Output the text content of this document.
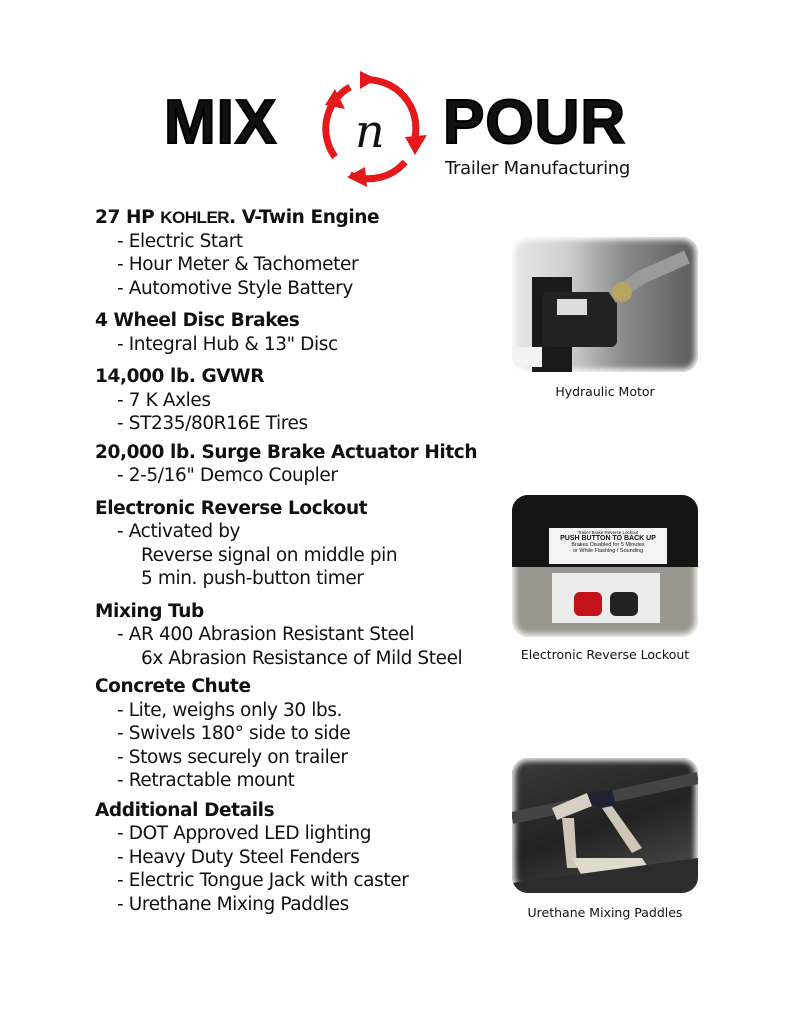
MIX n POUR
Trailer Manufacturing
27 HP KOHLER. V-Twin Engine
- Electric Start
- Hour Meter & Tachometer
- Automotive Style Battery
4 Wheel Disc Brakes
- Integral Hub & 13" Disc
14,000 lb. GVWR
- 7 K Axles
- ST235/80R16E Tires
20,000 lb. Surge Brake Actuator Hitch
- 2-5/16" Demco Coupler
Electronic Reverse Lockout
- Activated by
Reverse signal on middle pin
5 min. push-button timer
Mixing Tub
- AR 400 Abrasion Resistant Steel
6x Abrasion Resistance of Mild Steel
Concrete Chute
- Lite, weighs only 30 lbs.
- Swivels 180° side to side
- Stows securely on trailer
- Retractable mount
Additional Details
- DOT Approved LED lighting
- Heavy Duty Steel Fenders
- Electric Tongue Jack with caster
- Urethane Mixing Paddles
Hydraulic Motor
Trailer Brake Reverse Lockout
PUSH BUTTON TO BACK UP
Brakes Disabled for 5 Minutes
or While Flashing / Sounding
Electronic Reverse Lockout
Urethane Mixing Paddles
